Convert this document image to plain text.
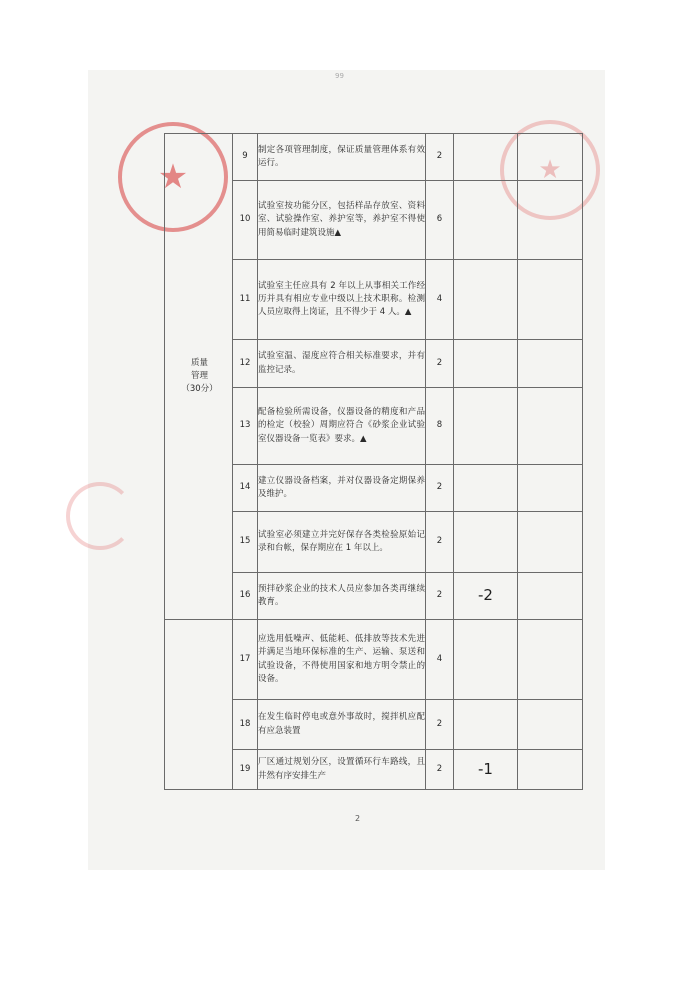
99
★	★
质量
管理
（30分）	9	制定各项管理制度，保证质量管理体系有效运行。	2		
	10	试验室按功能分区，包括样品存放室、资料室、试验操作室、养护室等，养护室不得使用简易临时建筑设施▲	6		
	11	试验室主任应具有 2 年以上从事相关工作经历并具有相应专业中级以上技术职称。检测人员应取得上岗证，且不得少于 4 人。▲	4		
	12	试验室温、湿度应符合相关标准要求，并有监控记录。	2		
	13	配备检验所需设备，仪器设备的精度和产品的检定（校验）周期应符合《砂浆企业试验室仪器设备一览表》要求。▲	8		
	14	建立仪器设备档案，并对仪器设备定期保养及维护。	2		
	15	试验室必须建立并完好保存各类检验原始记录和台帐，保存期应在 1 年以上。	2		
	16	预拌砂浆企业的技术人员应参加各类再继续教育。	2	-2	
	17	应选用低噪声、低能耗、低排放等技术先进并满足当地环保标准的生产、运输、泵送和试验设备，不得使用国家和地方明令禁止的设备。	4		
	18	在发生临时停电或意外事故时，搅拌机应配有应急装置	2		
	19	厂区通过规划分区，设置循环行车路线，且井然有序安排生产	2	-1	
2
